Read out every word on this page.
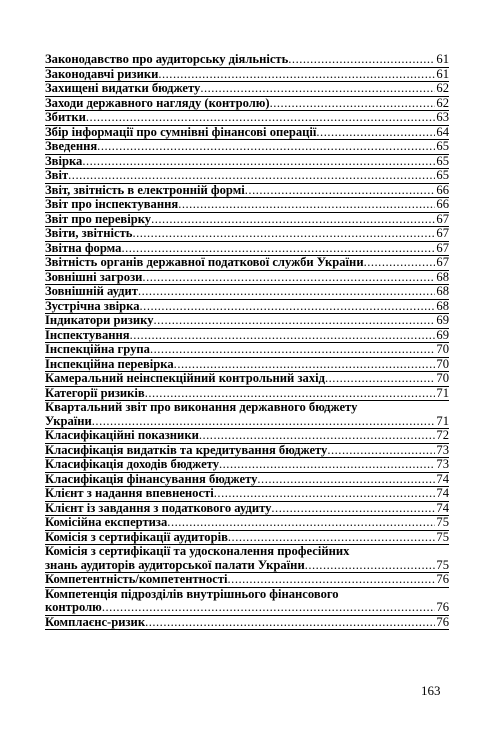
Законодавство про аудиторську діяльність .....	61
Законодавчі ризики .....	61
Захищені видатки бюджету .....	62
Заходи державного нагляду (контролю) .....	62
Збитки .....	63
Збір інформації про сумнівні фінансові операції .....	64
Зведення .....	65
Звірка .....	65
Звіт .....	65
Звіт, звітність в електронній формі .....	66
Звіт про інспектування .....	66
Звіт про перевірку .....	67
Звіти, звітність .....	67
Звітна форма .....	67
Звітність органів державної податкової служби України .....	67
Зовнішні загрози .....	68
Зовнішній аудит .....	68
Зустрічна звірка .....	68
Індикатори ризику .....	69
Інспектування .....	69
Інспекційна група .....	70
Інспекційна перевірка .....	70
Камеральний неінспекційний контрольний захід .....	70
Категорії ризиків .....	71
Квартальний звіт про виконання державного бюджету
України .....	71
Класифікаційні показники .....	72
Класифікація видатків та кредитування бюджету .....	73
Класифікація доходів бюджету .....	73
Класифікація фінансування бюджету .....	74
Клієнт з надання впевненості .....	74
Клієнт із завдання з податкового аудиту .....	74
Комісійна експертиза .....	75
Комісія з сертифікації аудиторів .....	75
Комісія з сертифікації та удосконалення професійних
знань аудиторів аудиторської палати України .....	75
Компетентність/компетентності .....	76
Компетенція підрозділів внутрішнього фінансового
контролю .....	76
Комплаєнс-ризик .....	76
163
